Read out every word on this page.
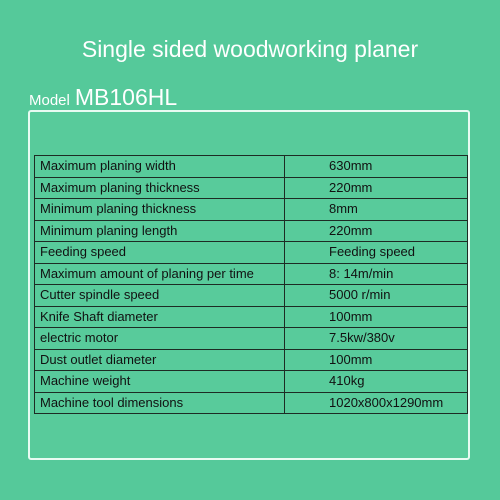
Single sided woodworking planer
Model MB106HL
Maximum planing width	630mm
Maximum planing thickness	220mm
Minimum planing thickness	8mm
Minimum planing length	220mm
Feeding speed	Feeding speed
Maximum amount of planing per time	8: 14m/min
Cutter spindle speed	5000 r/min
Knife Shaft diameter	100mm
electric motor	7.5kw/380v
Dust outlet diameter	100mm
Machine weight	410kg
Machine tool dimensions	1020x800x1290mm
